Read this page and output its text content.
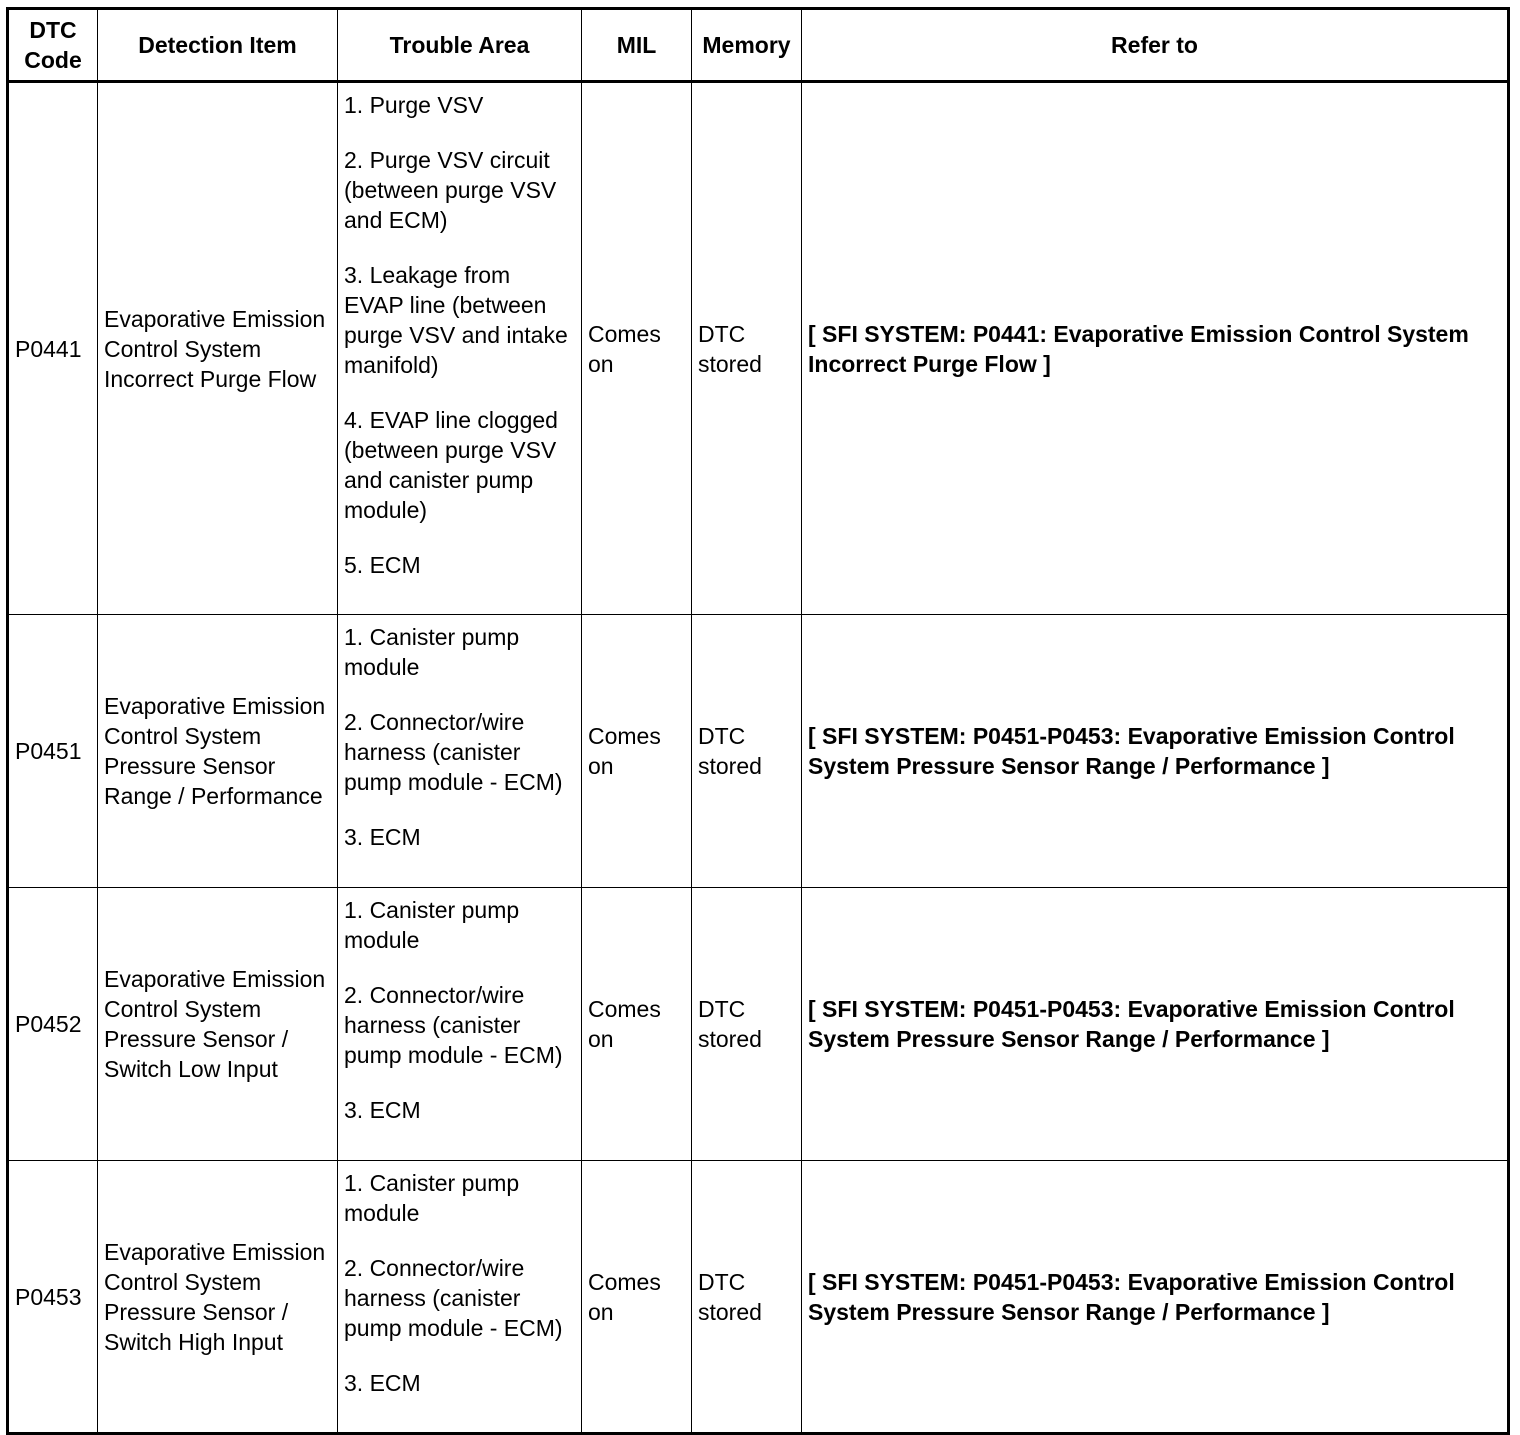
DTC Code	Detection Item	Trouble Area	MIL	Memory	Refer to
P0441	Evaporative Emission Control System Incorrect Purge Flow	1. Purge VSV
2. Purge VSV circuit (between purge VSV and ECM)
3. Leakage from EVAP line (between purge VSV and intake manifold)
4. EVAP line clogged (between purge VSV and canister pump module)
5. ECM	Comes on	DTC stored	[ SFI SYSTEM: P0441: Evaporative Emission Control System Incorrect Purge Flow ]
P0451	Evaporative Emission Control System Pressure Sensor Range / Performance	1. Canister pump module
2. Connector/wire harness (canister pump module - ECM)
3. ECM	Comes on	DTC stored	[ SFI SYSTEM: P0451-P0453: Evaporative Emission Control System Pressure Sensor Range / Performance ]
P0452	Evaporative Emission Control System Pressure Sensor / Switch Low Input	1. Canister pump module
2. Connector/wire harness (canister pump module - ECM)
3. ECM	Comes on	DTC stored	[ SFI SYSTEM: P0451-P0453: Evaporative Emission Control System Pressure Sensor Range / Performance ]
P0453	Evaporative Emission Control System Pressure Sensor / Switch High Input	1. Canister pump module
2. Connector/wire harness (canister pump module - ECM)
3. ECM	Comes on	DTC stored	[ SFI SYSTEM: P0451-P0453: Evaporative Emission Control System Pressure Sensor Range / Performance ]
